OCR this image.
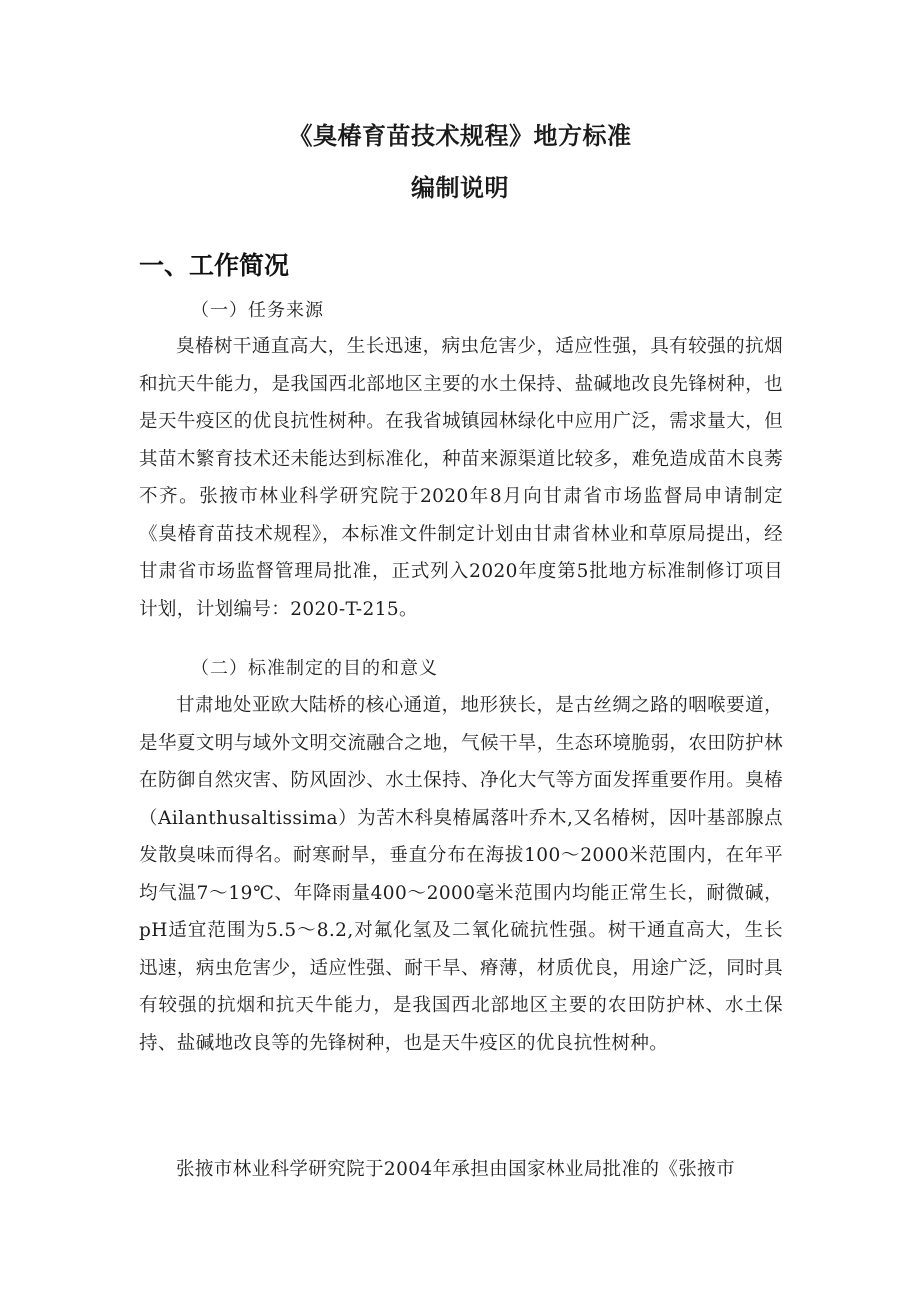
《臭椿育苗技术规程》地方标准
编制说明
一、工作简况
（一）任务来源

臭椿树干通直高大，生长迅速，病虫危害少，适应性强，具有较强的抗烟和抗天牛能力，是我国西北部地区主要的水土保持、盐碱地改良先锋树种，也是天牛疫区的优良抗性树种。在我省城镇园林绿化中应用广泛，需求量大，但其苗木繁育技术还未能达到标准化，种苗来源渠道比较多，难免造成苗木良莠不齐。张掖市林业科学研究院于2020年8月向甘肃省市场监督局申请制定《臭椿育苗技术规程》，本标准文件制定计划由甘肃省林业和草原局提出，经甘肃省市场监督管理局批准，正式列入2020年度第5批地方标准制修订项目计划，计划编号：2020-T-215。

（二）标准制定的目的和意义

甘肃地处亚欧大陆桥的核心通道，地形狭长，是古丝绸之路的咽喉要道，是华夏文明与域外文明交流融合之地，气候干旱，生态环境脆弱，农田防护林在防御自然灾害、防风固沙、水土保持、净化大气等方面发挥重要作用。臭椿（Ailanthusaltissima）为苦木科臭椿属落叶乔木,又名椿树，因叶基部腺点发散臭味而得名。耐寒耐旱，垂直分布在海拔100～2000米范围内，在年平均气温7～19℃、年降雨量400～2000毫米范围内均能正常生长，耐微碱，pH适宜范围为5.5～8.2,对氟化氢及二氧化硫抗性强。树干通直高大，生长迅速，病虫危害少，适应性强、耐干旱、瘠薄，材质优良，用途广泛，同时具有较强的抗烟和抗天牛能力，是我国西北部地区主要的农田防护林、水土保持、盐碱地改良等的先锋树种，也是天牛疫区的优良抗性树种。

张掖市林业科学研究院于2004年承担由国家林业局批准的《张掖市
